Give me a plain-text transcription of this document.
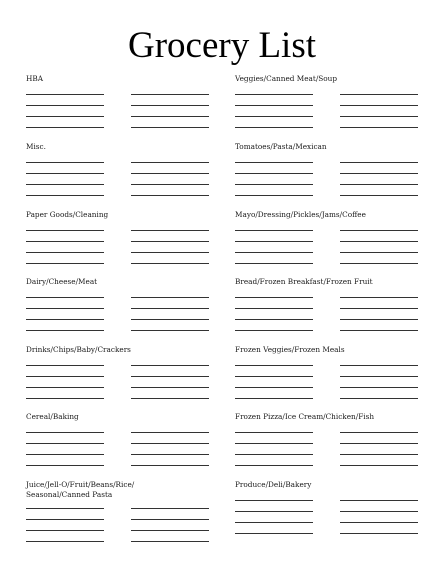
Grocery List
HBA	Veggies/Canned Meat/Soup
Misc.	Tomatoes/Pasta/Mexican
Paper Goods/Cleaning	Mayo/Dressing/Pickles/Jams/Coffee
Dairy/Cheese/Meat	Bread/Frozen Breakfast/Frozen Fruit
Drinks/Chips/Baby/Crackers	Frozen Veggies/Frozen Meals
Cereal/Baking	Frozen Pizza/Ice Cream/Chicken/Fish
Juice/Jell-O/Fruit/Beans/Rice/
Seasonal/Canned Pasta
Produce/Deli/Bakery
